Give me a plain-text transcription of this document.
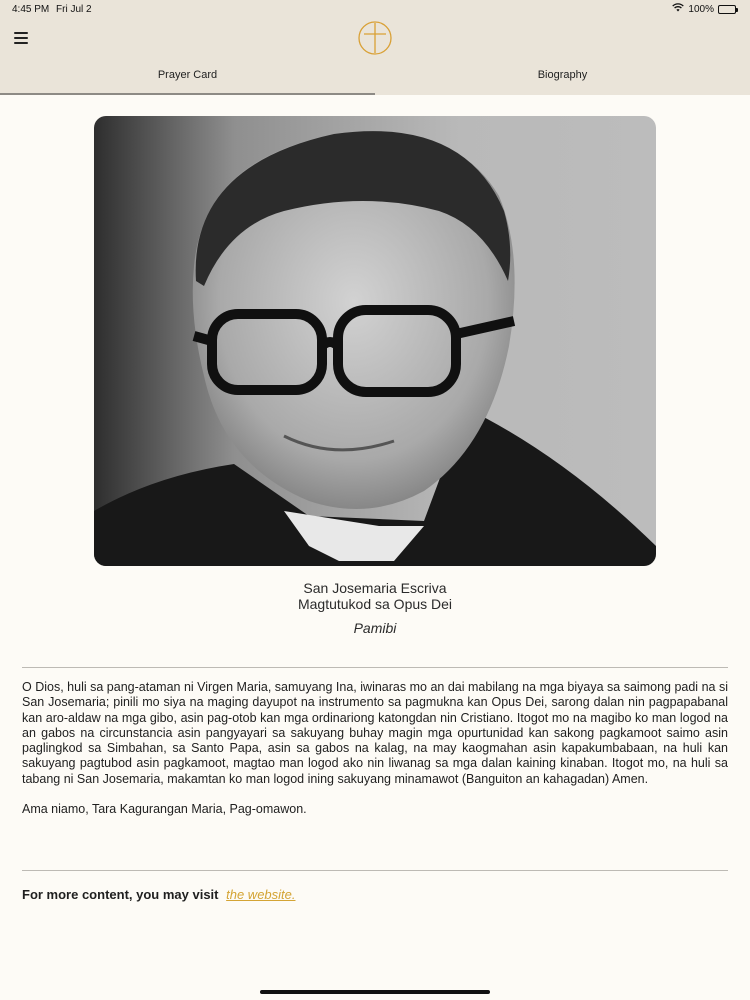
4:45 PM Fri Jul 2	100%
Prayer Card	Biography
San Josemaria Escriva
Magtutukod sa Opus Dei
Pamibi

O Dios, huli sa pang-ataman ni Virgen Maria, samuyang Ina, iwinaras mo an dai mabilang na mga biyaya sa saimong padi na si San Josemaria; pinili mo siya na maging dayupot na instrumento sa pagmukna kan Opus Dei, sarong dalan nin pagpapabanal kan aro-aldaw na mga gibo, asin pag-otob kan mga ordinariong katongdan nin Cristiano. Itogot mo na magibo ko man logod na an gabos na circunstancia asin pangyayari sa sakuyang buhay magin mga opurtunidad kan sakong pagkamoot saimo asin paglingkod sa Simbahan, sa Santo Papa, asin sa gabos na kalag, na may kaogmahan asin kapakumbabaan, na huli kan sakuyang pagtubod asin pagkamoot, magtao man logod ako nin liwanag sa mga dalan kaining kinaban. Itogot mo, na huli sa tabang ni San Josemaria, makamtan ko man logod ining sakuyang minamawot (Banguiton an kahagadan) Amen.

Ama niamo, Tara Kagurangan Maria, Pag-omawon.

For more content, you may visit the website.
